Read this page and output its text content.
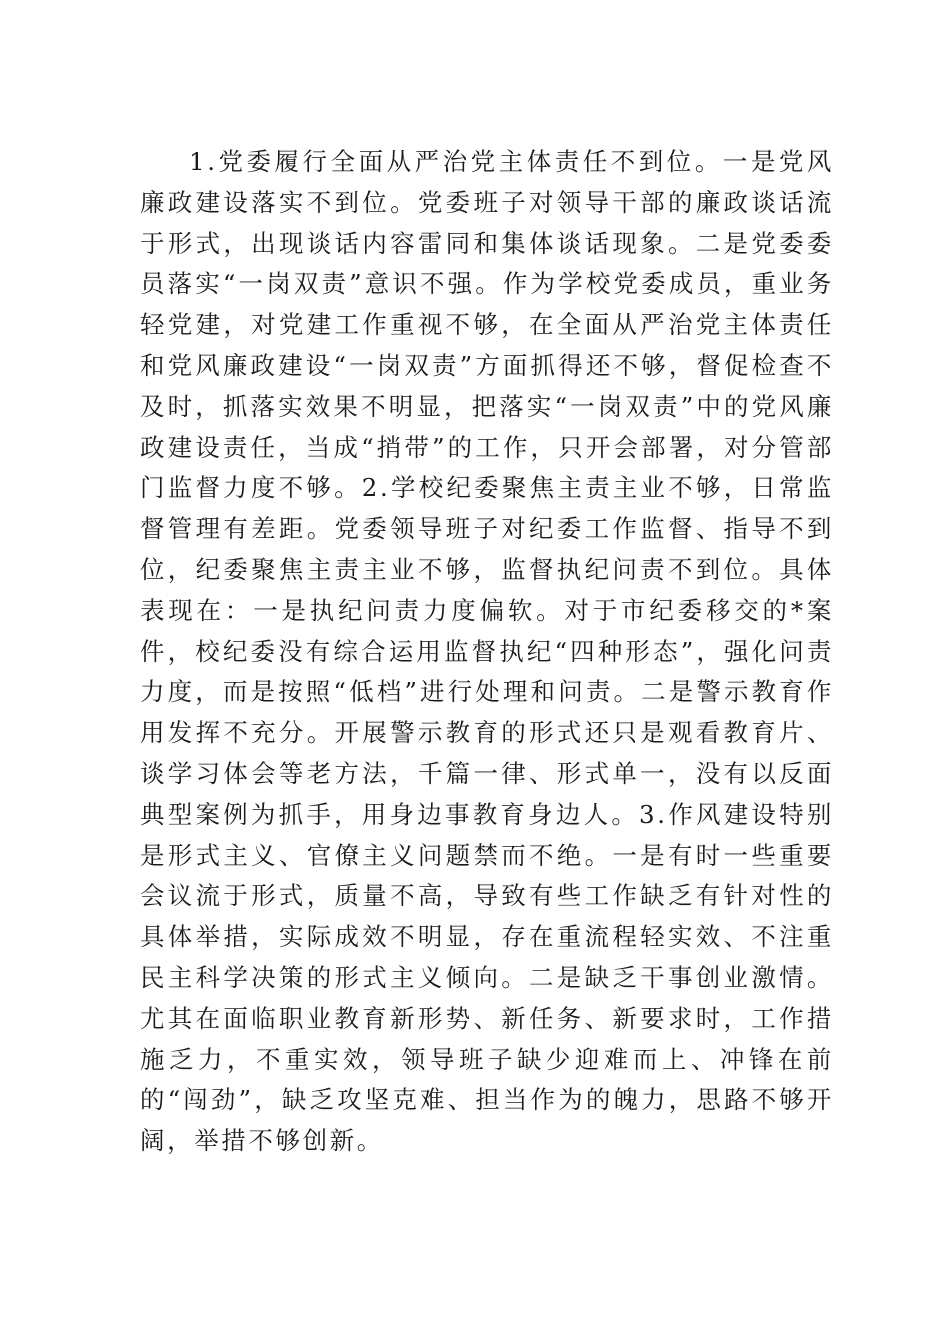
1.党委履行全面从严治党主体责任不到位。一是党风廉政建设落实不到位。党委班子对领导干部的廉政谈话流于形式，出现谈话内容雷同和集体谈话现象。二是党委委员落实“一岗双责”意识不强。作为学校党委成员，重业务轻党建，对党建工作重视不够，在全面从严治党主体责任和党风廉政建设“一岗双责”方面抓得还不够，督促检查不及时，抓落实效果不明显，把落实“一岗双责”中的党风廉政建设责任，当成“捎带”的工作，只开会部署，对分管部门监督力度不够。2.学校纪委聚焦主责主业不够，日常监督管理有差距。党委领导班子对纪委工作监督、指导不到位，纪委聚焦主责主业不够，监督执纪问责不到位。具体表现在：一是执纪问责力度偏软。对于市纪委移交的*案件，校纪委没有综合运用监督执纪“四种形态”，强化问责力度，而是按照“低档”进行处理和问责。二是警示教育作用发挥不充分。开展警示教育的形式还只是观看教育片、谈学习体会等老方法，千篇一律、形式单一，没有以反面典型案例为抓手，用身边事教育身边人。3.作风建设特别是形式主义、官僚主义问题禁而不绝。一是有时一些重要会议流于形式，质量不高，导致有些工作缺乏有针对性的具体举措，实际成效不明显，存在重流程轻实效、不注重民主科学决策的形式主义倾向。二是缺乏干事创业激情。尤其在面临职业教育新形势、新任务、新要求时，工作措施乏力，不重实效，领导班子缺少迎难而上、冲锋在前的“闯劲”，缺乏攻坚克难、担当作为的魄力，思路不够开阔，举措不够创新。
